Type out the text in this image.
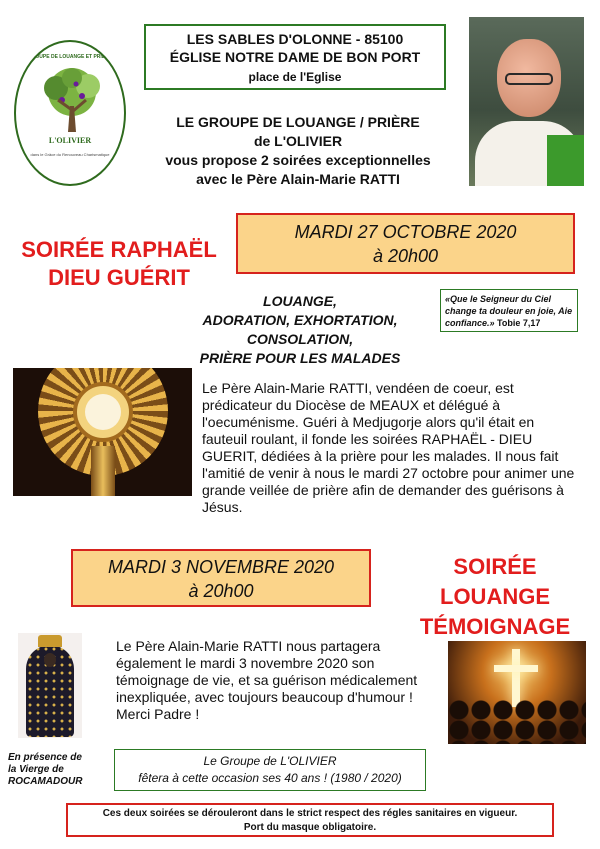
GROUPE DE LOUANGE ET PRIÈRE
L'OLIVIER
dans le Grâce du Renouveau Charismatique
LES SABLES D'OLONNE - 85100
ÉGLISE NOTRE DAME DE BON PORT
place de l'Eglise
LE GROUPE DE LOUANGE / PRIÈRE
de L'OLIVIER
vous propose 2 soirées exceptionnelles
avec le Père Alain-Marie RATTI
MARDI 27 OCTOBRE 2020
à 20h00
SOIRÉE RAPHAËL
DIEU GUÉRIT
LOUANGE,
ADORATION, EXHORTATION,
CONSOLATION,
PRIÈRE POUR LES MALADES
«Que le Seigneur du Ciel change ta douleur en joie, Aie confiance.» Tobie 7,17
Le Père Alain-Marie RATTI, vendéen de coeur, est prédicateur du Diocèse de MEAUX et délégué à l'oecuménisme. Guéri à Medjugorje alors qu'il était en fauteuil roulant, il fonde les soirées RAPHAËL - DIEU GUERIT, dédiées à la prière pour les malades. Il nous fait l'amitié de venir à nous le mardi 27 octobre pour animer une grande veillée de prière afin de demander des guérisons à Jésus.
MARDI 3 NOVEMBRE 2020
à 20h00
SOIRÉE
LOUANGE
TÉMOIGNAGE
En présence de
la Vierge de
ROCAMADOUR
Le Père Alain-Marie RATTI nous partagera également le mardi 3 novembre 2020 son témoignage de vie, et sa guérison médicalement inexpliquée, avec toujours beaucoup d'humour ! Merci Padre !
Le Groupe de L'OLIVIER
fêtera à cette occasion ses 40 ans ! (1980 / 2020)
Ces deux soirées se dérouleront dans le strict respect des régles sanitaires en vigueur.
Port du masque obligatoire.
